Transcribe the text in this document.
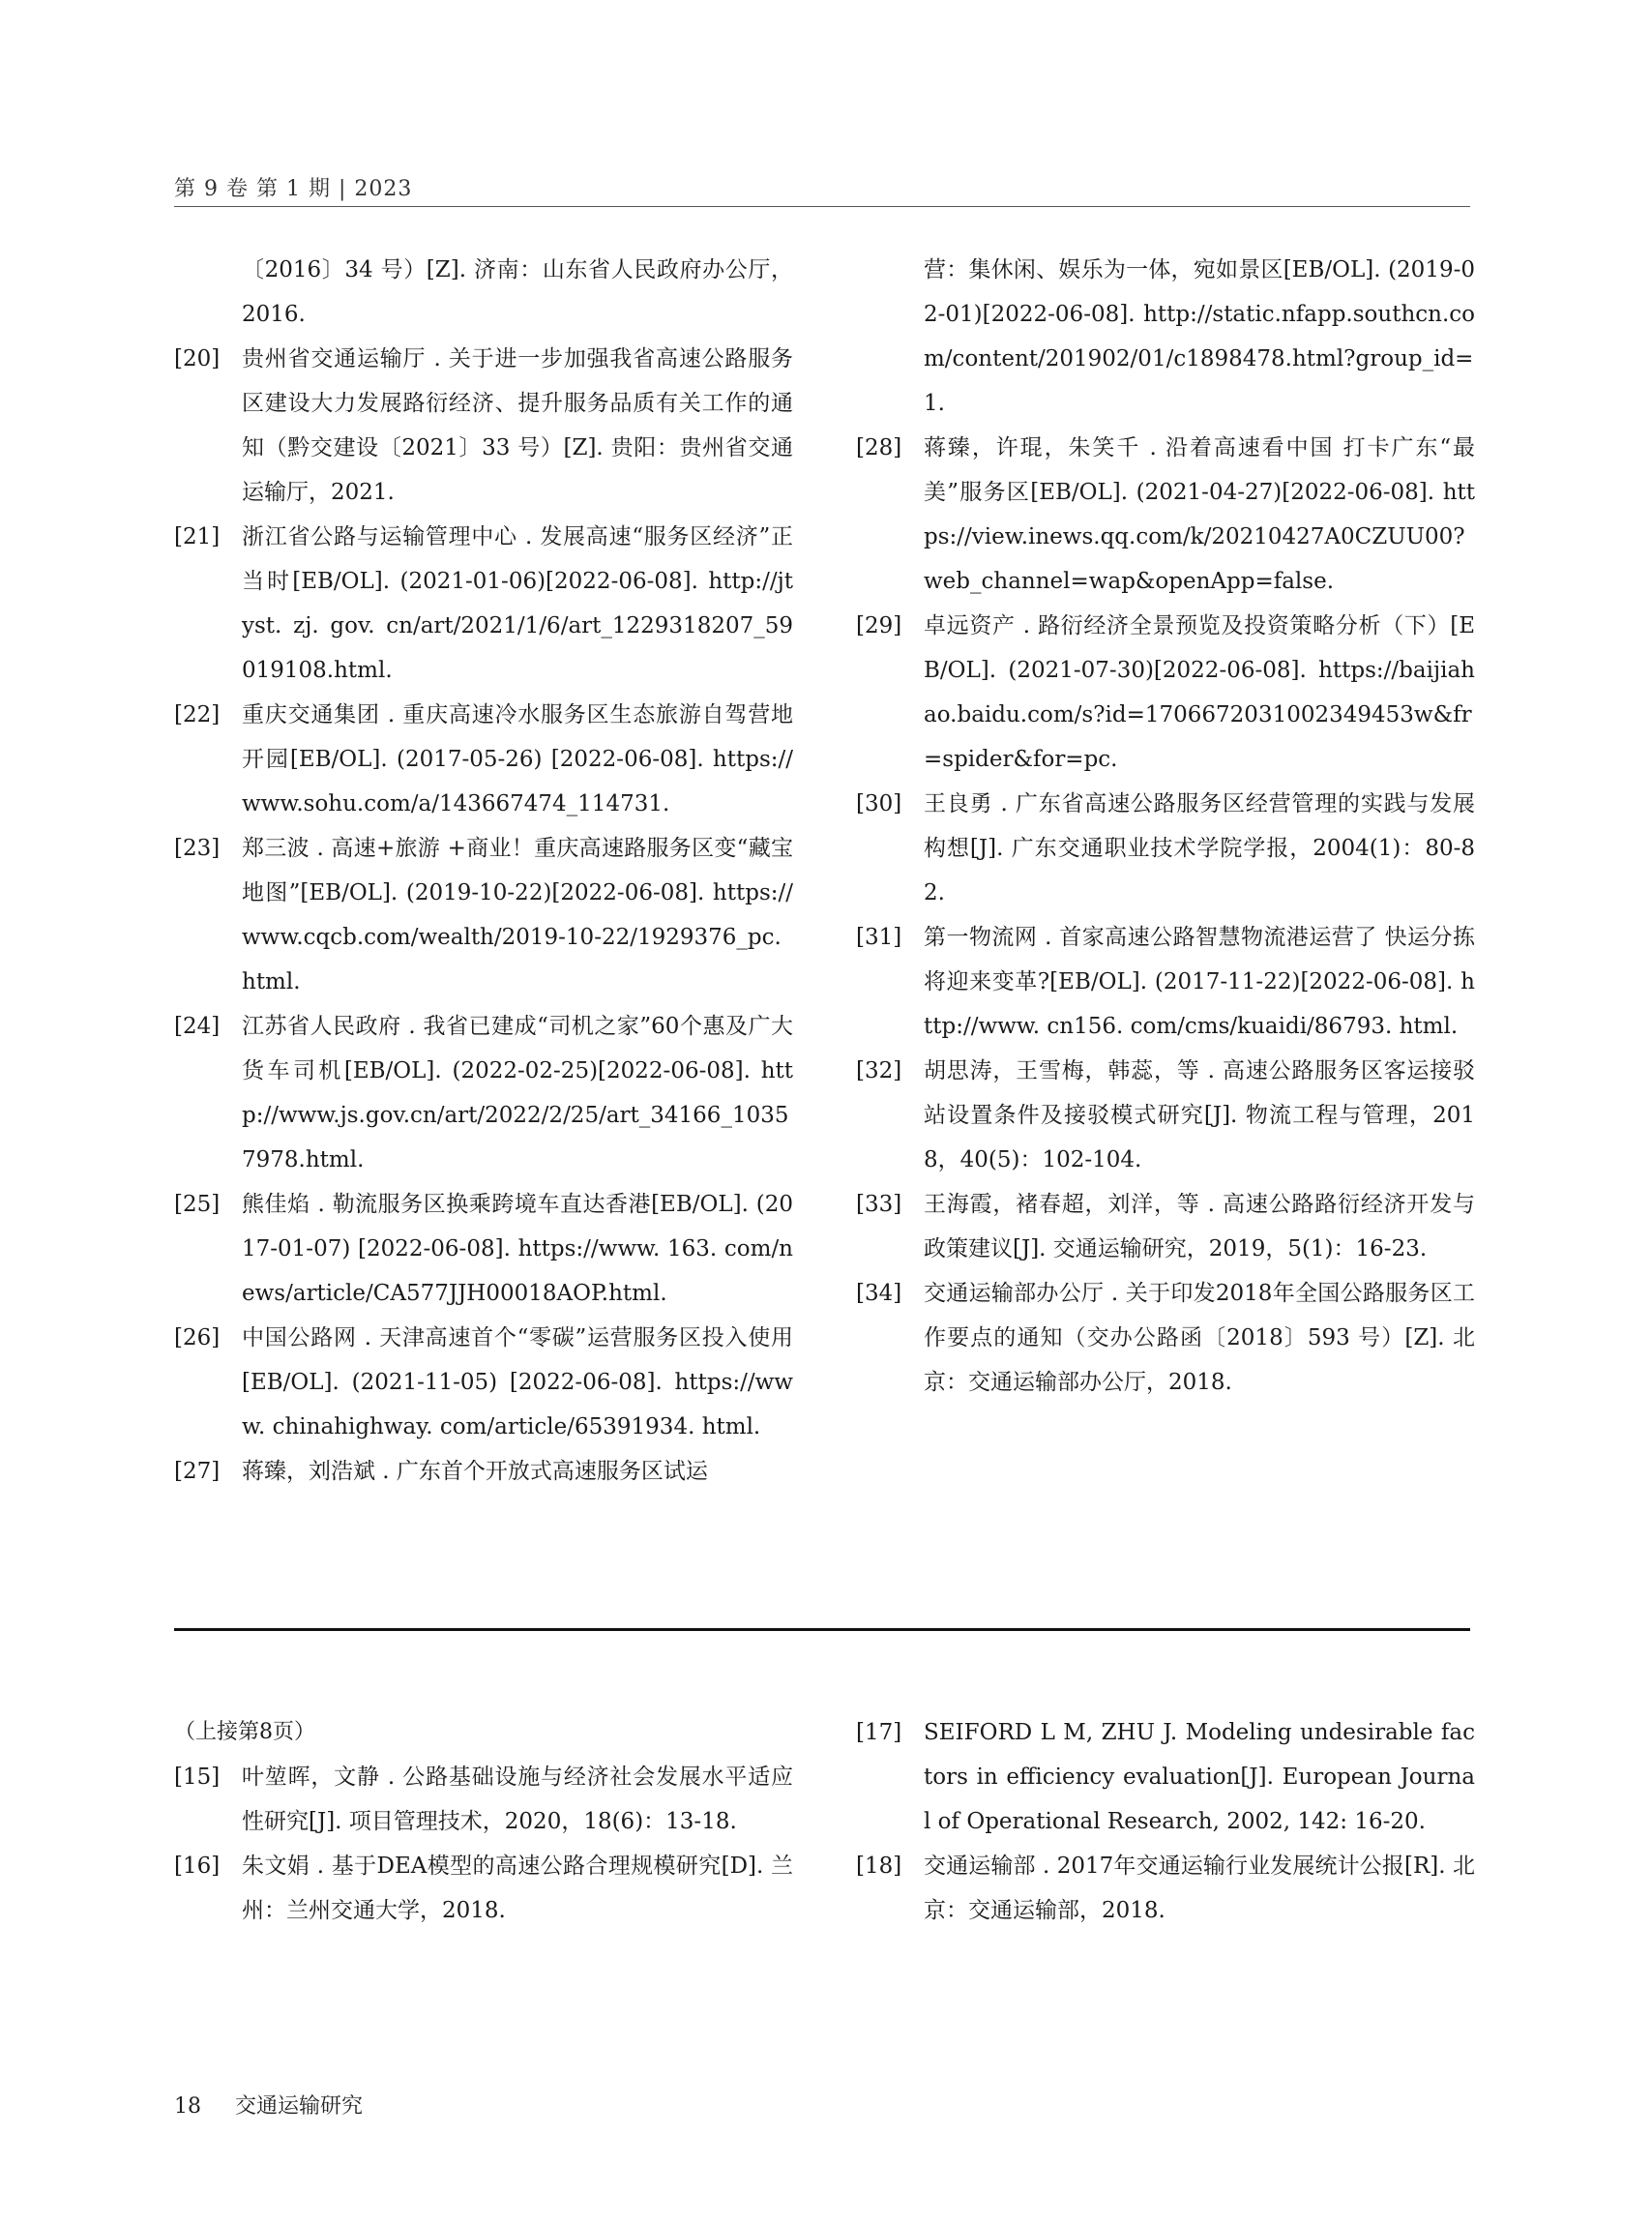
第 9 卷 第 1 期 | 2023
〔2016〕34 号）[Z]. 济南：山东省人民政府办公厅，2016.
[20] 贵州省交通运输厅 . 关于进一步加强我省高速公路服务区建设大力发展路衍经济、提升服务品质有关工作的通知（黔交建设〔2021〕33 号）[Z]. 贵阳：贵州省交通运输厅，2021.
[21] 浙江省公路与运输管理中心 . 发展高速“服务区经济”正当时[EB/OL]. (2021-01-06)[2022-06-08]. http://jtyst. zj. gov. cn/art/2021/1/6/art_1229318207_59019108.html.
[22] 重庆交通集团 . 重庆高速冷水服务区生态旅游自驾营地开园[EB/OL]. (2017-05-26) [2022-06-08]. https://www.sohu.com/a/143667474_114731.
[23] 郑三波 . 高速+旅游 +商业！重庆高速路服务区变“藏宝地图”[EB/OL]. (2019-10-22)[2022-06-08]. https://www.cqcb.com/wealth/2019-10-22/1929376_pc.html.
[24] 江苏省人民政府 . 我省已建成“司机之家”60个惠及广大货车司机[EB/OL]. (2022-02-25)[2022-06-08]. http://www.js.gov.cn/art/2022/2/25/art_34166_10357978.html.
[25] 熊佳焰 . 勒流服务区换乘跨境车直达香港[EB/OL]. (2017-01-07) [2022-06-08]. https://www. 163. com/news/article/CA577JJH00018AOP.html.
[26] 中国公路网 . 天津高速首个“零碳”运营服务区投入使用[EB/OL]. (2021-11-05) [2022-06-08]. https://www. chinahighway. com/article/65391934. html.
[27] 蒋臻，刘浩斌 . 广东首个开放式高速服务区试运
营：集休闲、娱乐为一体，宛如景区[EB/OL]. (2019-02-01)[2022-06-08]. http://static.nfapp.southcn.com/content/201902/01/c1898478.html?group_id=1.
[28] 蒋臻，许琨，朱笑千 . 沿着高速看中国 打卡广东“最美”服务区[EB/OL]. (2021-04-27)[2022-06-08]. https://view.inews.qq.com/k/20210427A0CZUU00?web_channel=wap&openApp=false.
[29] 卓远资产 . 路衍经济全景预览及投资策略分析（下）[EB/OL]. (2021-07-30)[2022-06-08]. https://baijiahao.baidu.com/s?id=1706672031002349453w&fr=spider&for=pc.
[30] 王良勇 . 广东省高速公路服务区经营管理的实践与发展构想[J]. 广东交通职业技术学院学报，2004(1)：80-82.
[31] 第一物流网 . 首家高速公路智慧物流港运营了 快运分拣将迎来变革?[EB/OL]. (2017-11-22)[2022-06-08]. http://www. cn156. com/cms/kuaidi/86793. html.
[32] 胡思涛，王雪梅，韩蕊，等 . 高速公路服务区客运接驳站设置条件及接驳模式研究[J]. 物流工程与管理，2018，40(5)：102-104.
[33] 王海霞，褚春超，刘洋，等 . 高速公路路衍经济开发与政策建议[J]. 交通运输研究，2019，5(1)：16-23.
[34] 交通运输部办公厅 . 关于印发2018年全国公路服务区工作要点的通知（交办公路函〔2018〕593 号）[Z]. 北京：交通运输部办公厅，2018.
（上接第8页）
[15] 叶堃晖，文静 . 公路基础设施与经济社会发展水平适应性研究[J]. 项目管理技术，2020，18(6)：13-18.
[16] 朱文娟 . 基于DEA模型的高速公路合理规模研究[D]. 兰州：兰州交通大学，2018.
[17] SEIFORD L M, ZHU J. Modeling undesirable factors in efficiency evaluation[J]. European Journal of Operational Research, 2002, 142: 16-20.
[18] 交通运输部 . 2017年交通运输行业发展统计公报[R]. 北京：交通运输部，2018.
18 交通运输研究
